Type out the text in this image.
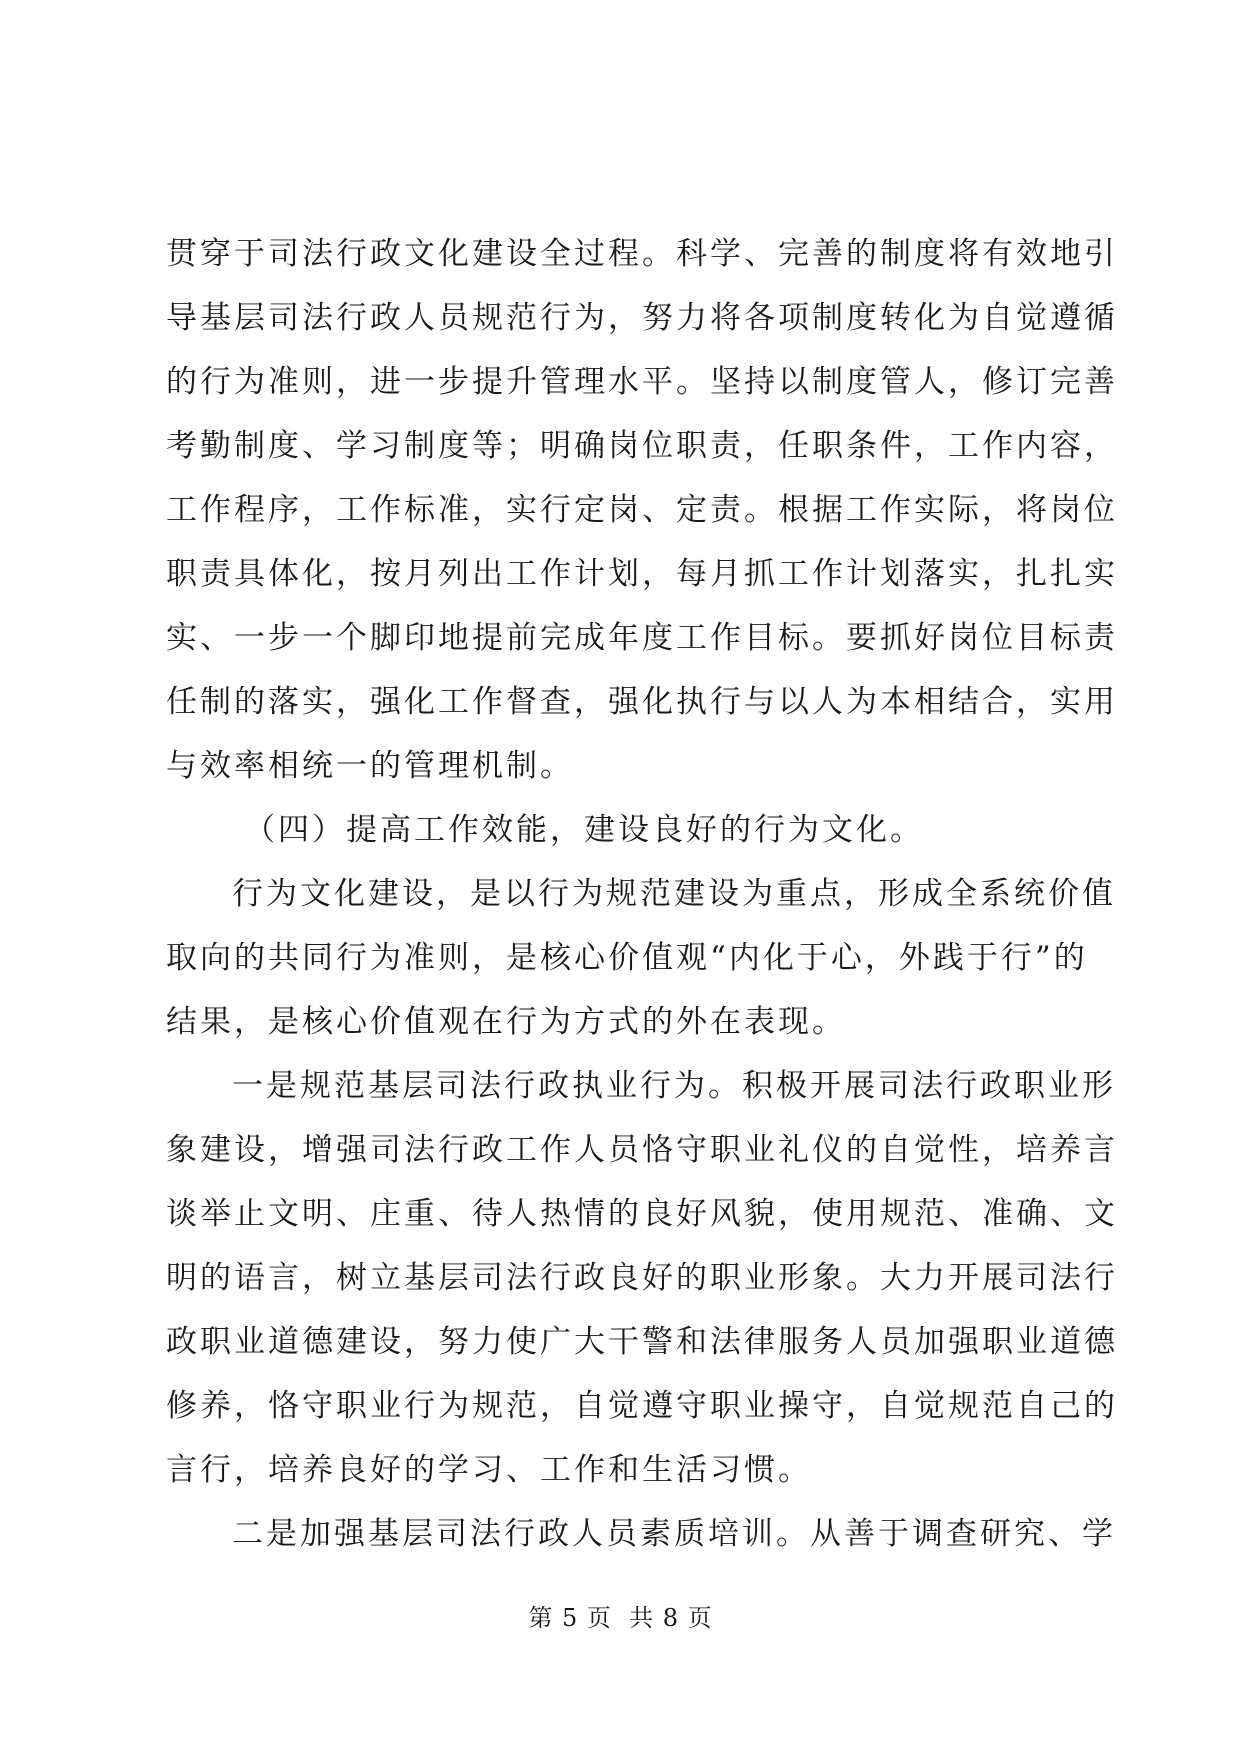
贯穿于司法行政文化建设全过程。科学、完善的制度将有效地引
导基层司法行政人员规范行为，努力将各项制度转化为自觉遵循
的行为准则，进一步提升管理水平。坚持以制度管人，修订完善
考勤制度、学习制度等；明确岗位职责，任职条件，工作内容，
工作程序，工作标准，实行定岗、定责。根据工作实际，将岗位
职责具体化，按月列出工作计划，每月抓工作计划落实，扎扎实
实、一步一个脚印地提前完成年度工作目标。要抓好岗位目标责
任制的落实，强化工作督查，强化执行与以人为本相结合，实用
与效率相统一的管理机制。
（四）提高工作效能，建设良好的行为文化。
行为文化建设，是以行为规范建设为重点，形成全系统价值
取向的共同行为准则，是核心价值观“内化于心，外践于行”的
结果，是核心价值观在行为方式的外在表现。
一是规范基层司法行政执业行为。积极开展司法行政职业形
象建设，增强司法行政工作人员恪守职业礼仪的自觉性，培养言
谈举止文明、庄重、待人热情的良好风貌，使用规范、准确、文
明的语言，树立基层司法行政良好的职业形象。大力开展司法行
政职业道德建设，努力使广大干警和法律服务人员加强职业道德
修养，恪守职业行为规范，自觉遵守职业操守，自觉规范自己的
言行，培养良好的学习、工作和生活习惯。
二是加强基层司法行政人员素质培训。从善于调查研究、学
第 5 页  共 8 页
